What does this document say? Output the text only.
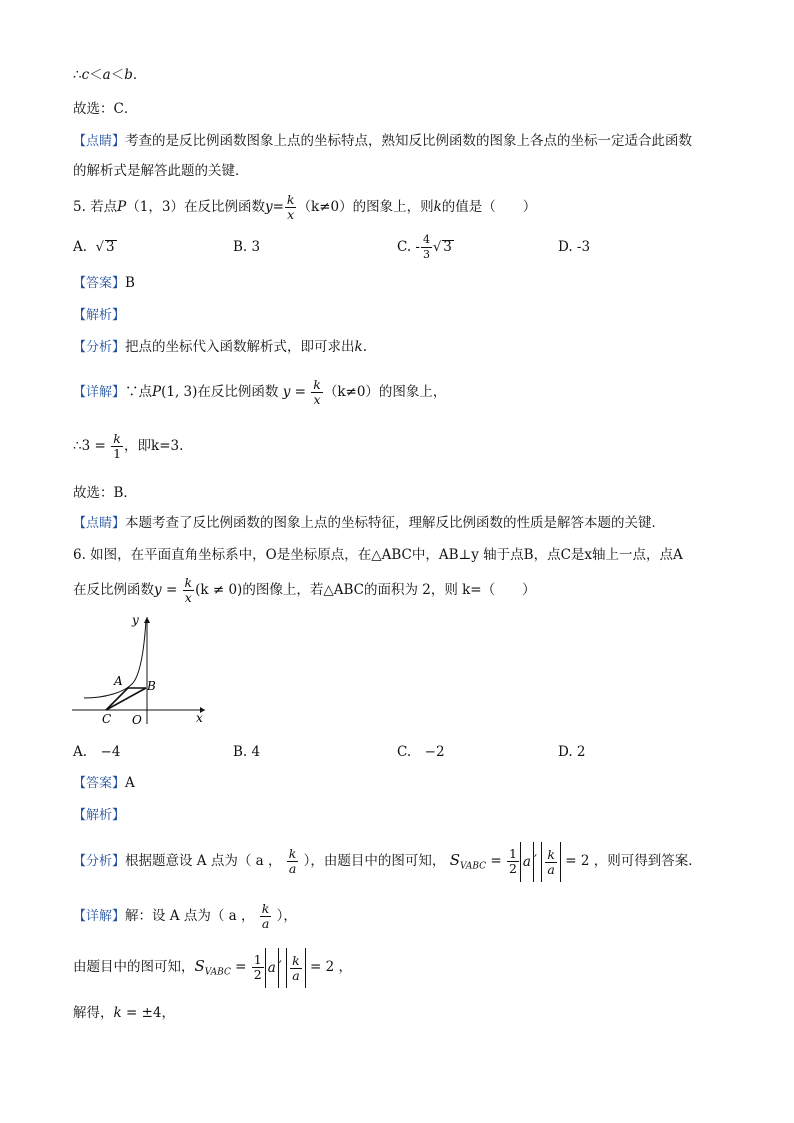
∴c＜a＜b．
故选：C．
【点睛】考查的是反比例函数图象上点的坐标特点，熟知反比例函数的图象上各点的坐标一定适合此函数
的解析式是解答此题的关键．
5. 若点P（1，3）在反比例函数$y= \frac{k}{x} (k\ne 0)$的图象上，则k的值是（　　）
A. √ 3	B. 3	C. - $\frac{4}{3}$ √ 3	D. -3
【答案】B
【解析】
【分析】把点的坐标代入函数解析式，即可求出k.
【详解】∵点P(1, 3)在反比例函数 $y = \frac{k}{x} (k\ne 0)$的图象上，
∴3 = $\frac{k}{1}$ ，即k=3.
故选：B．
【点睛】本题考查了反比例函数的图象上点的坐标特征，理解反比例函数的性质是解答本题的关键．
6. 如图，在平面直角坐标系中，O是坐标原点，在△ABC中，AB⊥y 轴于点B，点C是x轴上一点，点A
在反比例函数$y = \frac{k}{x} (k \ne 0)$的图像上，若△ABC的面积为 2，则 k=（　　）
y
x
A B
C O
A.　−4	B. 4	C.　−2	D. 2
【答案】A
【解析】
【分析】根据题意设 A 点为（ a ， $\frac{k}{a}$ ），由题目中的图可知， $S_{VABC} = \frac{1}{2}$ a ′ $\frac{k}{a} = 2$ ，则可得到答案．
【详解】解：设 A 点为（ a ， $\frac{k}{a}$ ），
由题目中的图可知，$S_{VABC} = \frac{1}{2}$ a ′ $\frac{k}{a} = 2$ ，
解得，k = ±4，
